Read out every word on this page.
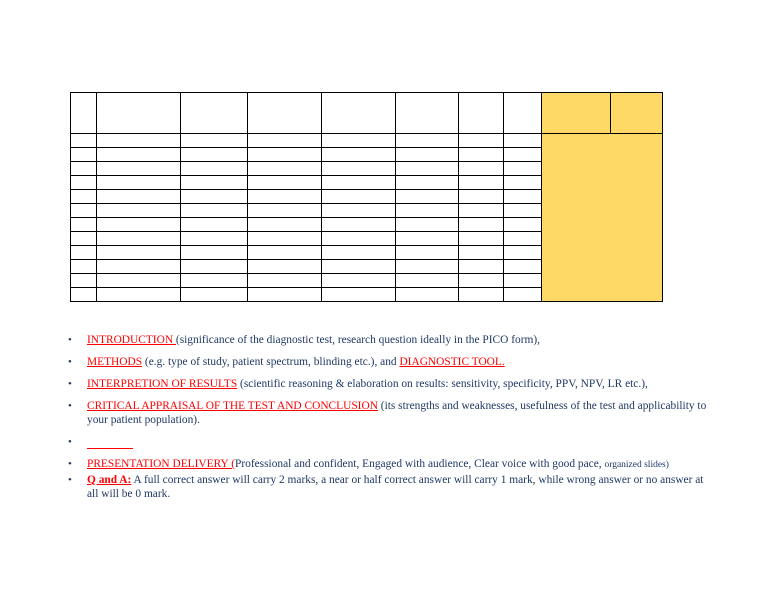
• INTRODUCTION (significance of the diagnostic test, research question ideally in the PICO form),
• METHODS (e.g. type of study, patient spectrum, blinding etc.), and DIAGNOSTIC TOOL.
• INTERPRETION OF RESULTS (scientific reasoning & elaboration on results: sensitivity, specificity, PPV, NPV, LR etc.),
• CRITICAL APPRAISAL OF THE TEST AND CONCLUSION (its strengths and weaknesses, usefulness of the test and applicability to your patient population).
•
• PRESENTATION DELIVERY (Professional and confident, Engaged with audience, Clear voice with good pace, organized slides)
• Q and A: A full correct answer will carry 2 marks, a near or half correct answer will carry 1 mark, while wrong answer or no answer at all will be 0 mark.
